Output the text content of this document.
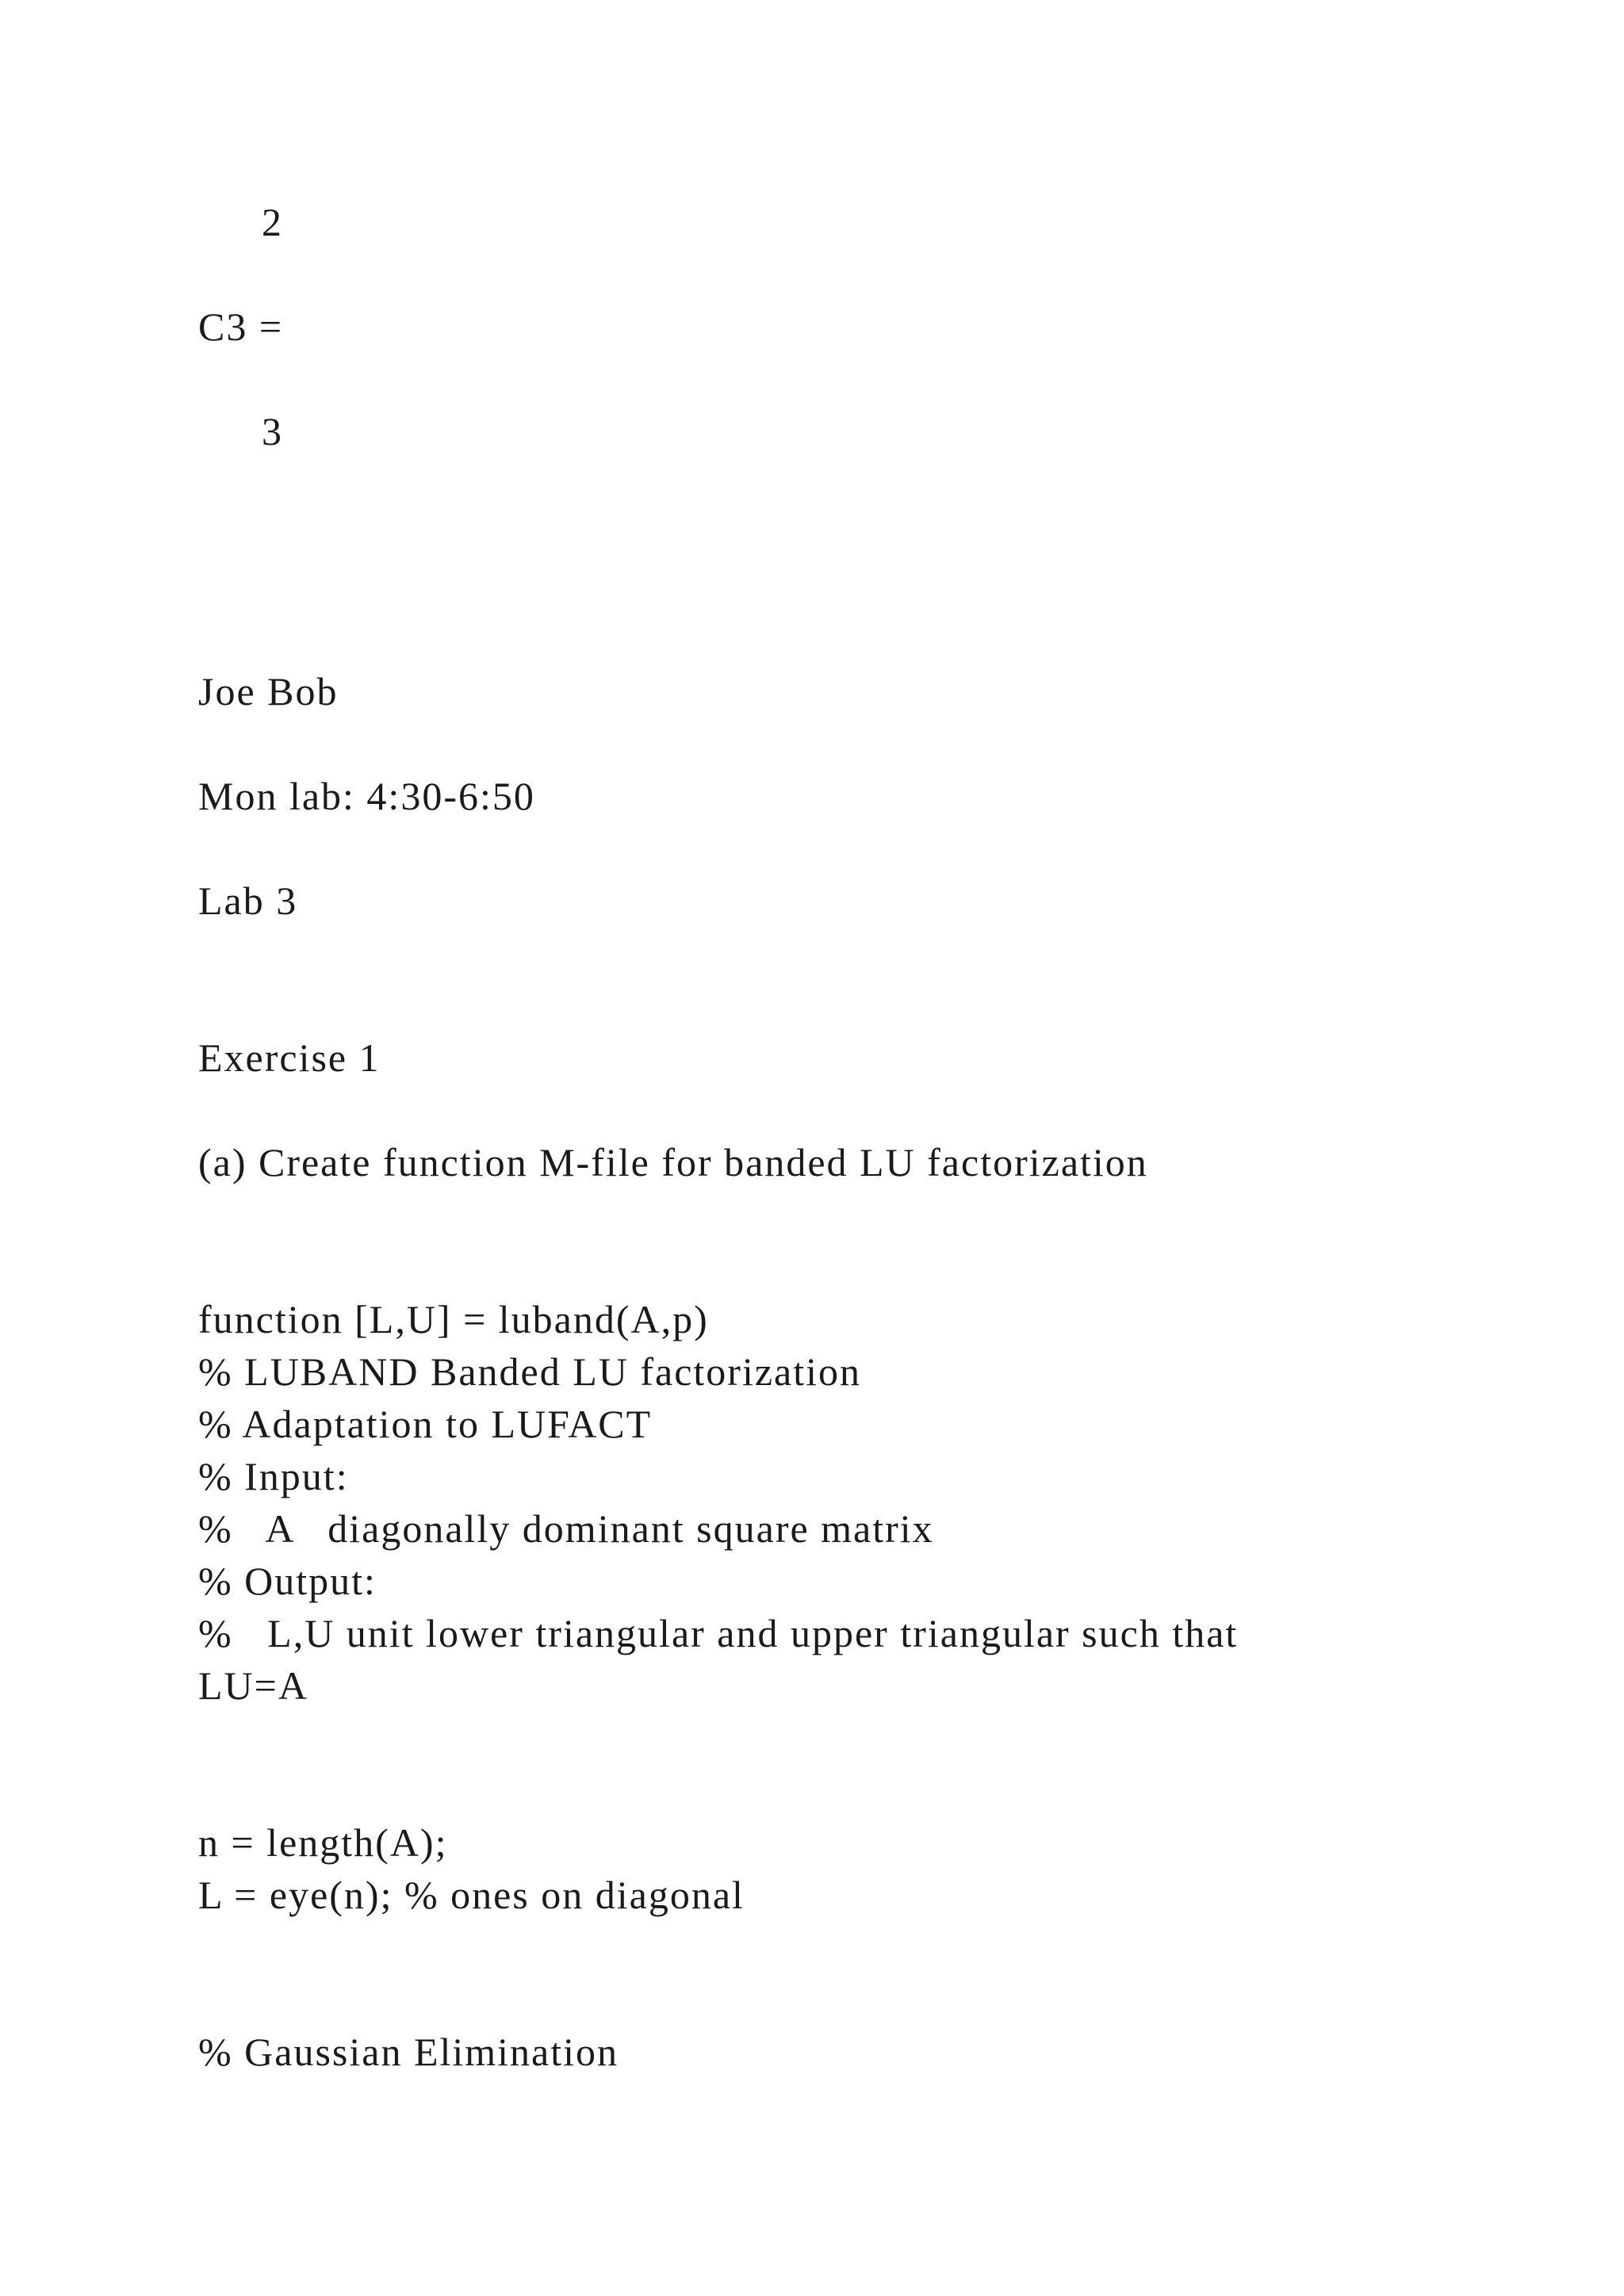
2
C3 =
3
Joe Bob
Mon lab: 4:30-6:50
Lab 3
Exercise 1
(a) Create function M-file for banded LU factorization
function [L,U] = luband(A,p)
% LUBAND Banded LU factorization
% Adaptation to LUFACT
% Input:
%   A   diagonally dominant square matrix
% Output:
%   L,U unit lower triangular and upper triangular such that
LU=A
n = length(A);
L = eye(n); % ones on diagonal
% Gaussian Elimination
